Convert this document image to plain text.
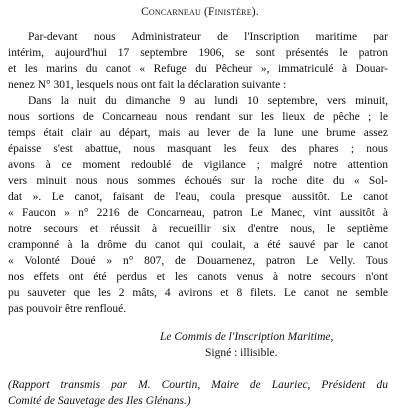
Concarneau (Finistère).
Par-devant nous Administrateur de l'Inscription maritime par
intérim, aujourd'hui 17 septembre 1906, se sont présentés le patron
et les marins du canot « Refuge du Pêcheur », immatriculé à Douar-
nenez N° 301, lesquels nous ont fait la déclaration suivante :
Dans la nuit du dimanche 9 au lundi 10 septembre, vers minuit,
nous sortions de Concarneau nous rendant sur les lieux de pêche ; le
temps était clair au départ, mais au lever de la lune une brume assez
épaisse s'est abattue, nous masquant les feux des phares ; nous
avons à ce moment redoublé de vigilance ; malgré notre attention
vers minuit nous nous sommes échoués sur la roche dite du « Sol-
dat ». Le canot, faisant de l'eau, coula presque aussitôt. Le canot
« Faucon » n° 2216 de Concarneau, patron Le Manec, vint aussitôt à
notre secours et réussit à recueillir six d'entre nous, le septième
cramponné à la drôme du canot qui coulait, a été sauvé par le canot
« Volonté Doué » n° 807, de Douarnenez, patron Le Velly. Tous
nos effets ont été perdus et les canots venus à notre secours n'ont
pu sauveter que les 2 mâts, 4 avirons et 8 filets. Le canot ne semble
pas pouvoir être renfloué.
Le Commis de l'Inscription Maritime,
Signé : illisible.
(Rapport transmis par M. Courtin, Maire de Lauriec, Président du
Comité de Sauvetage des Iles Glénans.)
